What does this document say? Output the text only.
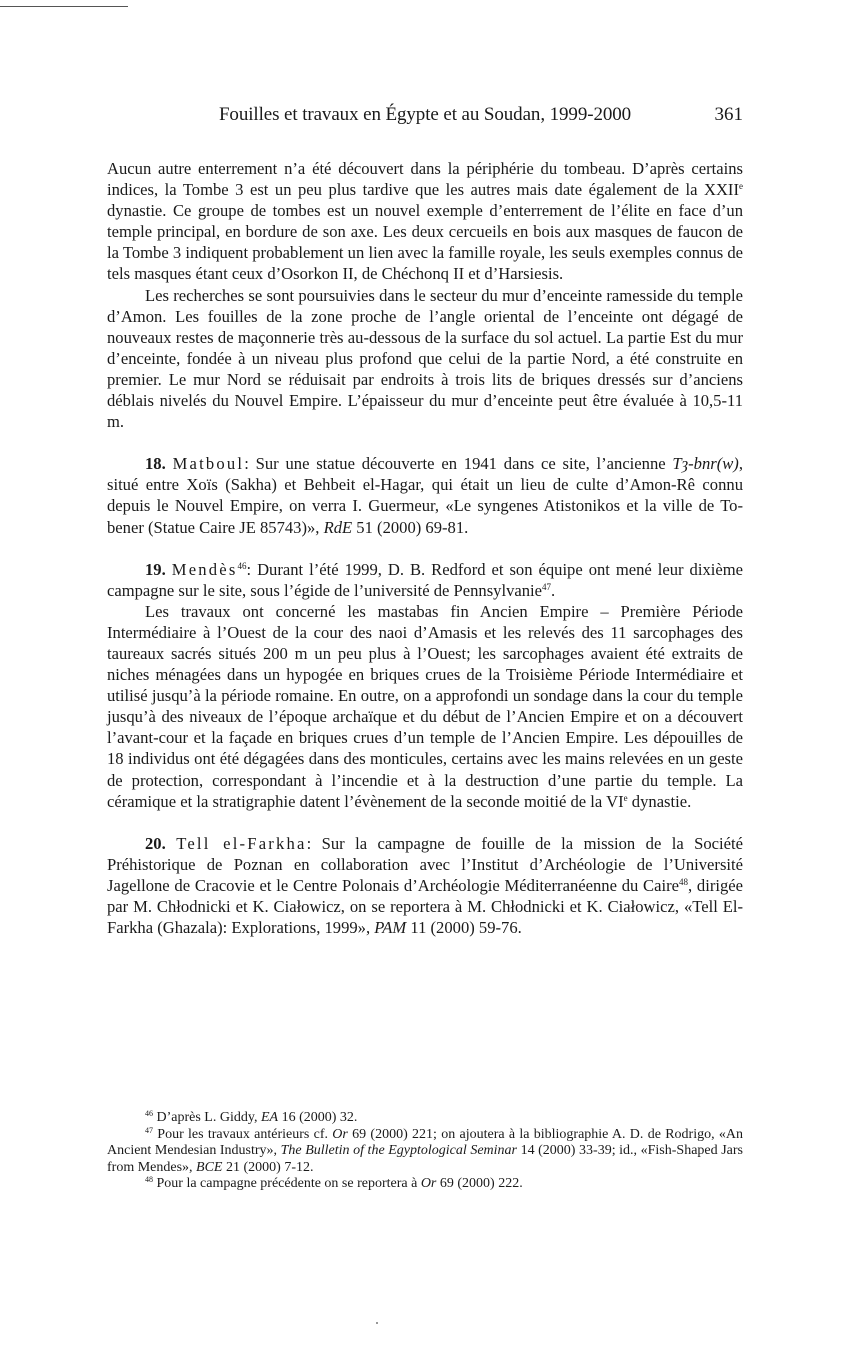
Fouilles et travaux en Égypte et au Soudan, 1999-2000	361

Aucun autre enterrement n’a été découvert dans la périphérie du tombeau. D’après certains indices, la Tombe 3 est un peu plus tardive que les autres mais date également de la XXIIe dynastie. Ce groupe de tombes est un nouvel exemple d’enterrement de l’élite en face d’un temple principal, en bordure de son axe. Les deux cercueils en bois aux masques de faucon de la Tombe 3 indiquent probablement un lien avec la famille royale, les seuls exemples connus de tels masques étant ceux d’Osorkon II, de Chéchonq II et d’Harsiesis.

Les recherches se sont poursuivies dans le secteur du mur d’enceinte ramesside du temple d’Amon. Les fouilles de la zone proche de l’angle oriental de l’enceinte ont dégagé de nouveaux restes de maçonnerie très au-dessous de la surface du sol actuel. La partie Est du mur d’enceinte, fondée à un niveau plus profond que celui de la partie Nord, a été construite en premier. Le mur Nord se réduisait par endroits à trois lits de briques dressés sur d’anciens déblais nivelés du Nouvel Empire. L’épaisseur du mur d’enceinte peut être évaluée à 10,5-11 m.

18. Matboul: Sur une statue découverte en 1941 dans ce site, l’ancienne Tȝ-bnr(w), situé entre Xoïs (Sakha) et Behbeit el-Hagar, qui était un lieu de culte d’Amon-Rê connu depuis le Nouvel Empire, on verra I. Guermeur, «Le syngenes Atistonikos et la ville de To-bener (Statue Caire JE 85743)», RdE 51 (2000) 69-81.

19. Mendès$^{46}$: Durant l’été 1999, D. B. Redford et son équipe ont mené leur dixième campagne sur le site, sous l’égide de l’université de Pennsylvanie$^{47}$.

Les travaux ont concerné les mastabas fin Ancien Empire – Première Période Intermédiaire à l’Ouest de la cour des naoi d’Amasis et les relevés des 11 sarcophages des taureaux sacrés situés 200 m un peu plus à l’Ouest; les sarcophages avaient été extraits de niches ménagées dans un hypogée en briques crues de la Troisième Période Intermédiaire et utilisé jusqu’à la période romaine. En outre, on a approfondi un sondage dans la cour du temple jusqu’à des niveaux de l’époque archaïque et du début de l’Ancien Empire et on a découvert l’avant-cour et la façade en briques crues d’un temple de l’Ancien Empire. Les dépouilles de 18 individus ont été dégagées dans des monticules, certains avec les mains relevées en un geste de protection, correspondant à l’incendie et à la destruction d’une partie du temple. La céramique et la stratigraphie datent l’évènement de la seconde moitié de la VIe dynastie.

20. Tell el-Farkha: Sur la campagne de fouille de la mission de la Société Préhistorique de Poznan en collaboration avec l’Institut d’Archéologie de l’Université Jagellone de Cracovie et le Centre Polonais d’Archéologie Méditerranéenne du Caire$^{48}$, dirigée par M. Chłodnicki et K. Ciałowicz, on se reportera à M. Chłodnicki et K. Ciałowicz, «Tell El-Farkha (Ghazala): Explorations, 1999», PAM 11 (2000) 59-76.

$^{46}$ D’après L. Giddy, EA 16 (2000) 32.

$^{47}$ Pour les travaux antérieurs cf. Or 69 (2000) 221; on ajoutera à la bibliographie A. D. de Rodrigo, «An Ancient Mendesian Industry», The Bulletin of the Egyptological Seminar 14 (2000) 33-39; id., «Fish-Shaped Jars from Mendes», BCE 21 (2000) 7-12.

$^{48}$ Pour la campagne précédente on se reportera à Or 69 (2000) 222.
